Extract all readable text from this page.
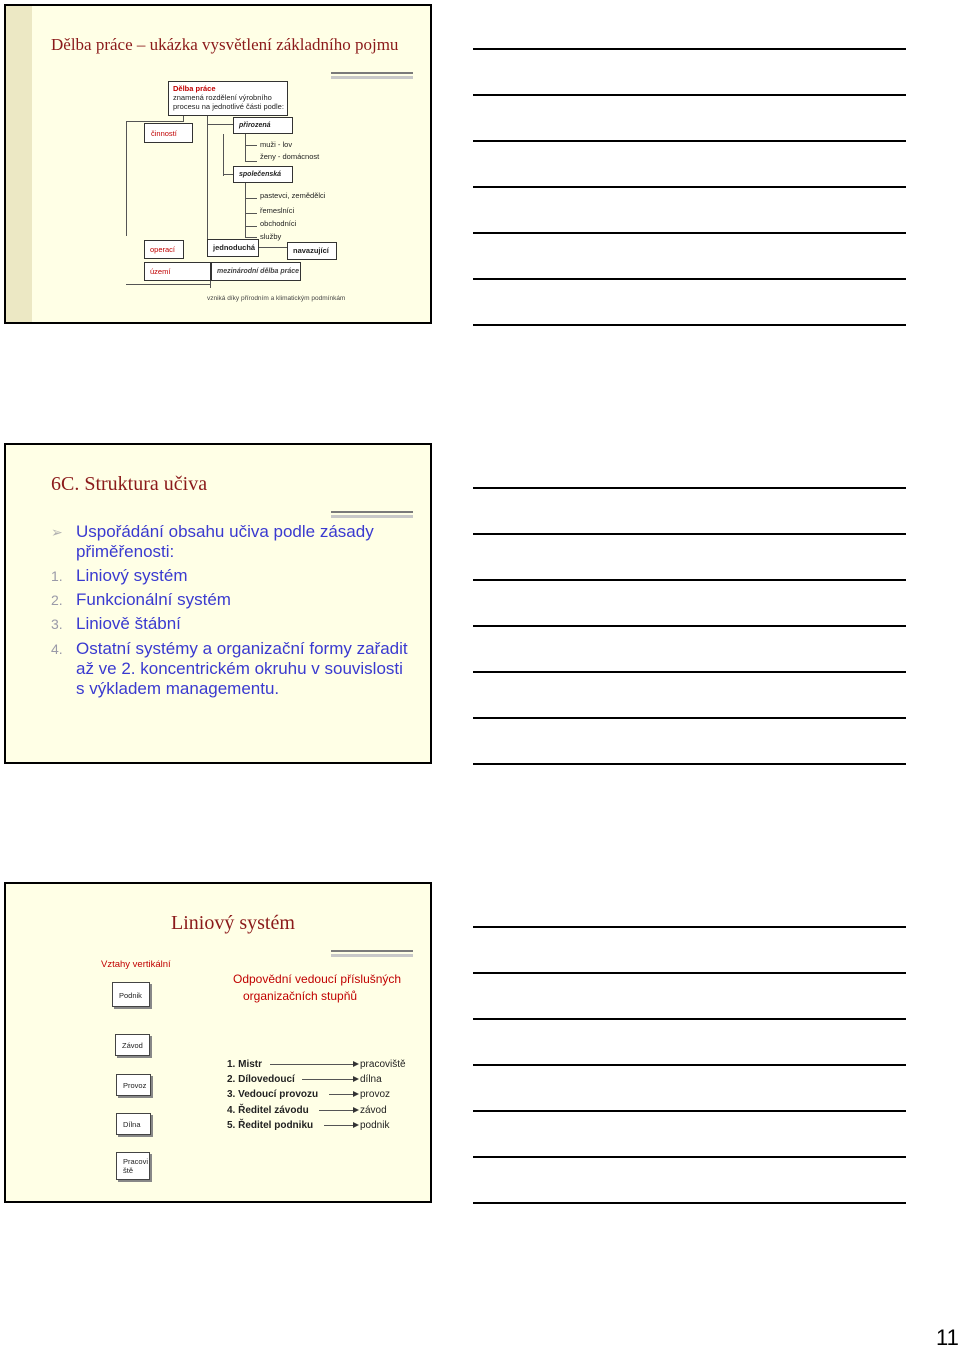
Dělba práce – ukázka vysvětlení základního pojmu
Dělba práce
znamená rozdělení výrobního
procesu na jednotlivé části podle:
činností
přirozená
muži - lov
ženy - domácnost
společenská
pastevci, zemědělci
řemeslníci
obchodníci
služby
operací	jednoduchá	navazující
území	mezinárodní dělba práce
vzniká díky přírodním a klimatickým podmínkám
6C. Struktura učiva
➢ Uspořádání obsahu učiva podle zásady
přiměřenosti:
1. Liniový systém
2. Funkcionální systém
3. Liniově štábní
4. Ostatní systémy a organizační formy zařadit
až ve 2. koncentrickém okruhu v souvislosti
s výkladem managementu.
Liniový systém
Vztahy vertikální
Odpovědní vedoucí příslušných
organizačních stupňů
Podnik
Závod
Provoz
Dílna
Pracovi
ště
1. Mistr	pracoviště
2. Dílovedoucí	dílna
3. Vedoucí provozu	provoz
4. Ředitel závodu	závod
5. Ředitel podniku	podnik
11
